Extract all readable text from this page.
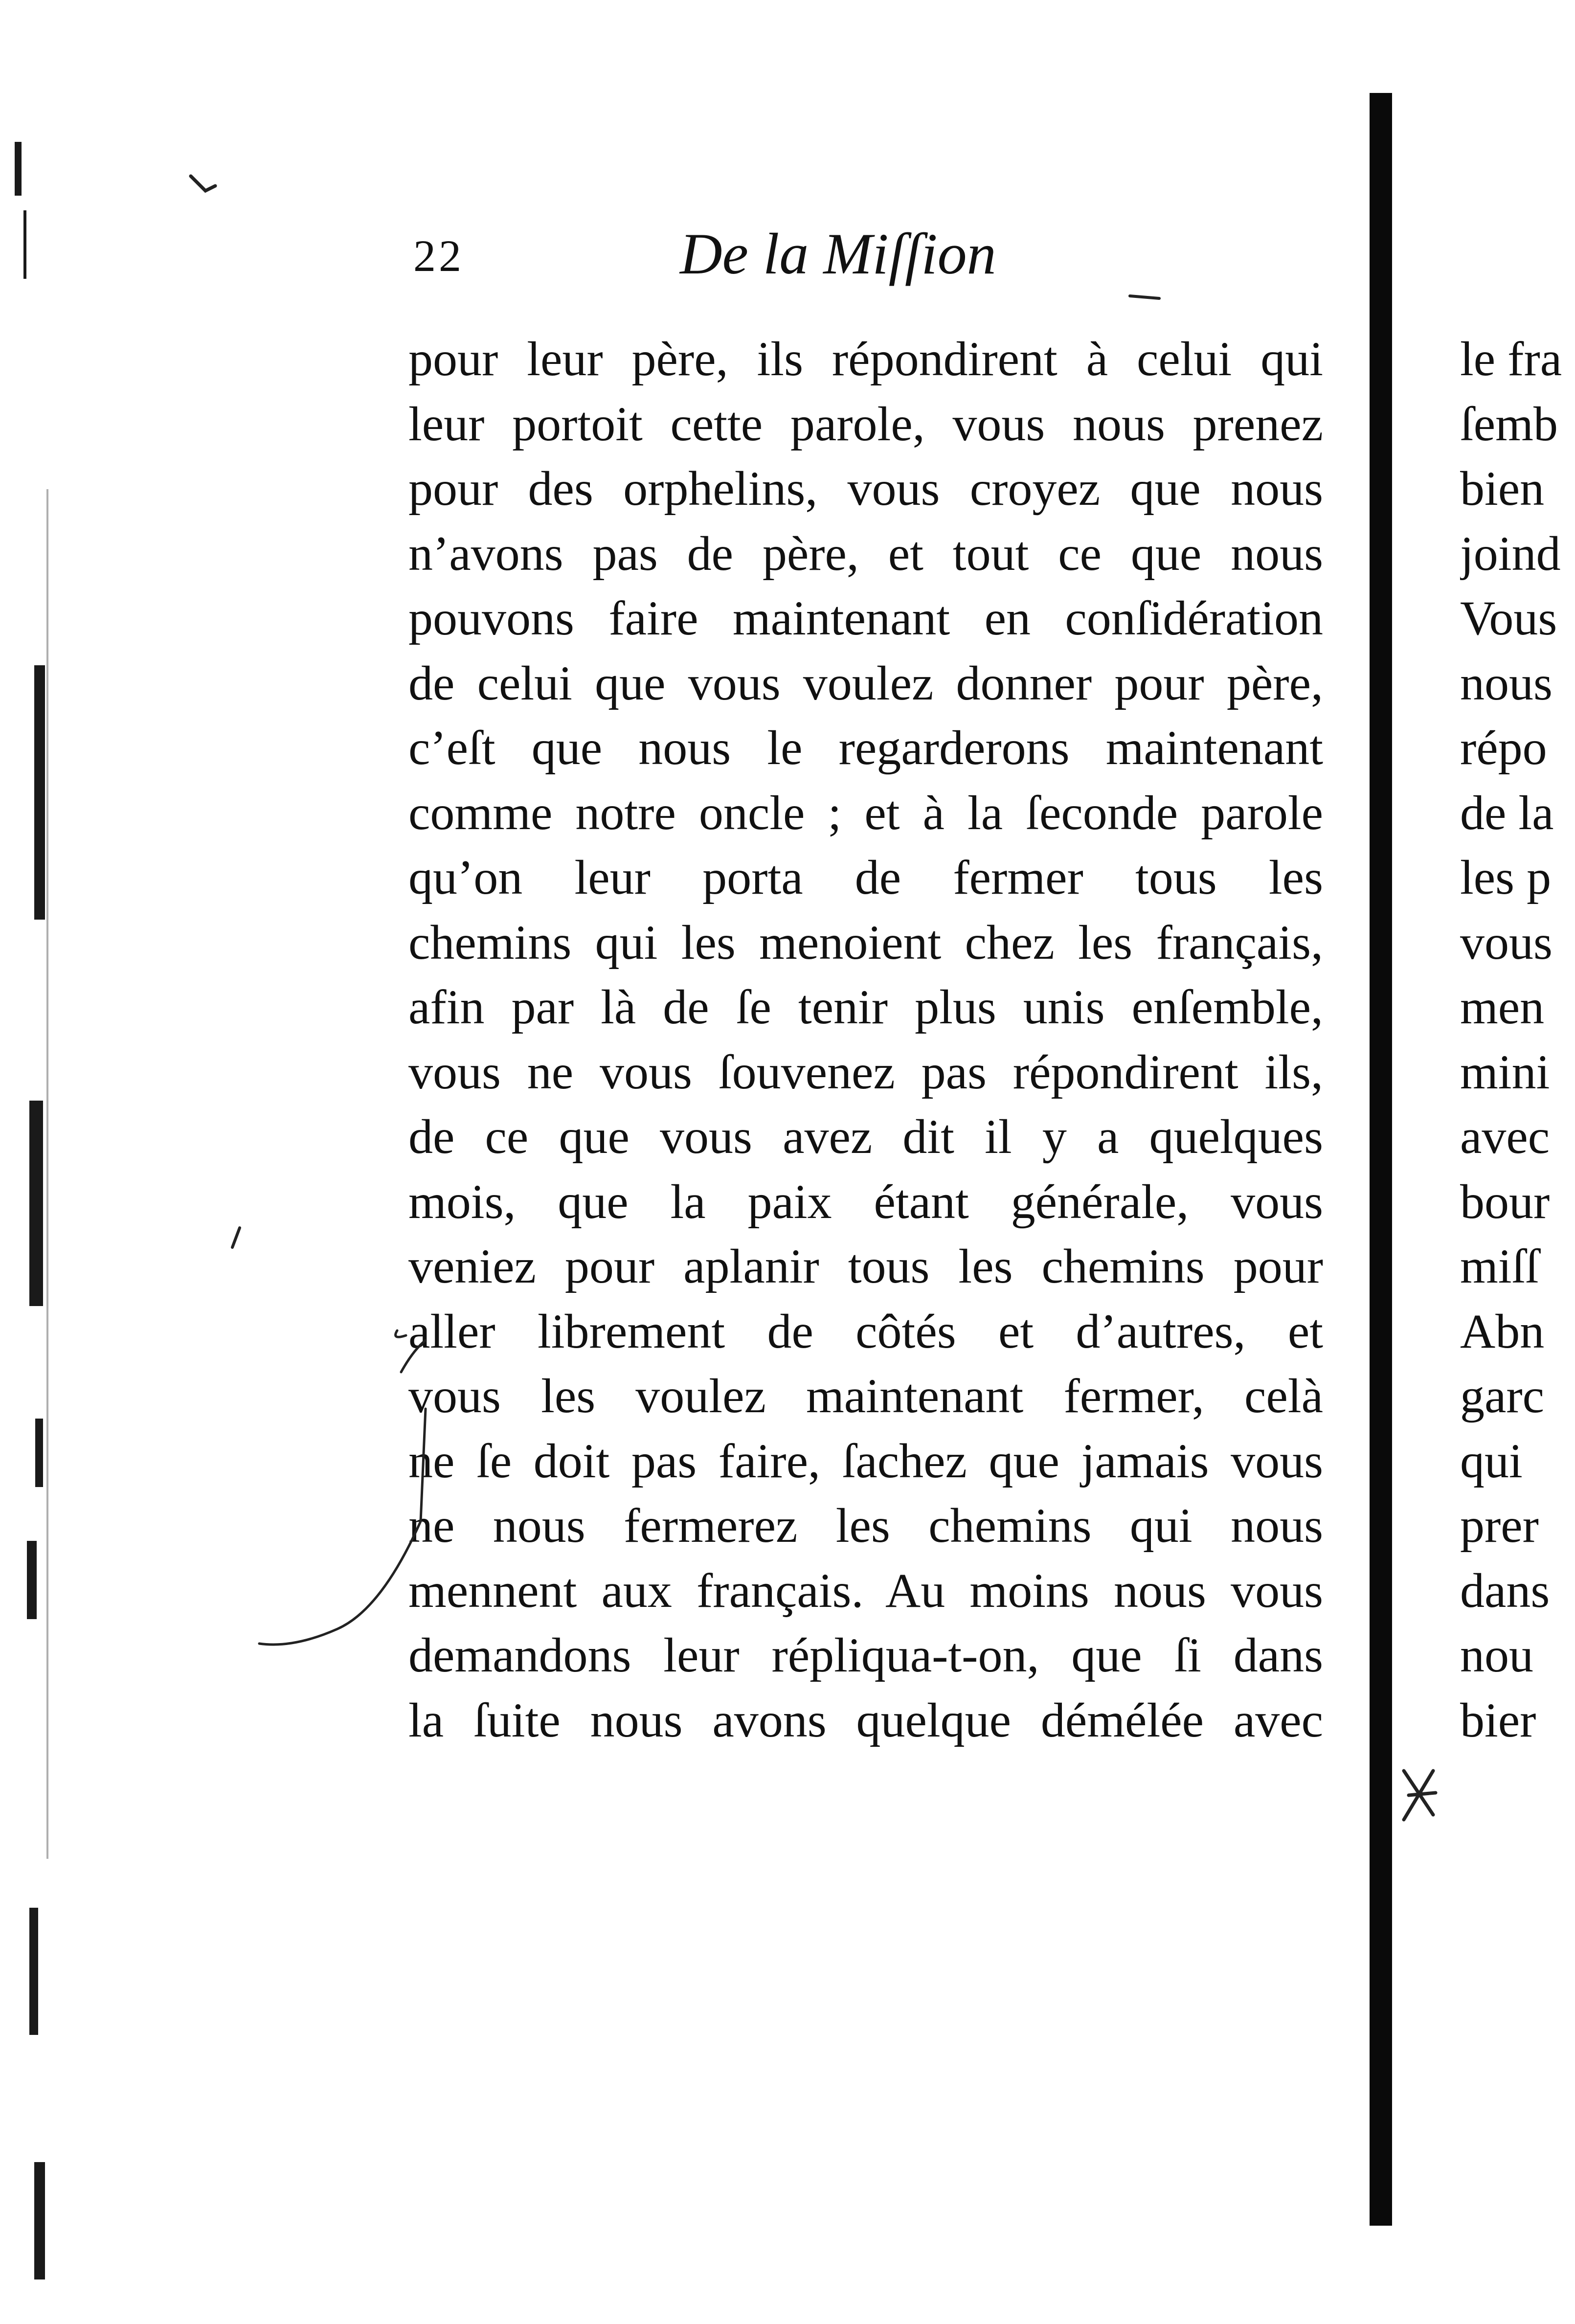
22	De la Miſſion
pour leur père, ils répondirent à celui qui
leur portoit cette parole, vous nous prenez
pour des orphelins, vous croyez que nous
n’avons pas de père, et tout ce que nous
pouvons faire maintenant en conſidération
de celui que vous voulez donner pour père,
c’eſt que nous le regarderons maintenant
comme notre oncle ; et à la ſeconde parole
qu’on leur porta de fermer tous les
chemins qui les menoient chez les français,
afin par là de ſe tenir plus unis enſemble,
vous ne vous ſouvenez pas répondirent ils,
de ce que vous avez dit il y a quelques
mois, que la paix étant générale, vous
veniez pour aplanir tous les chemins pour
aller librement de côtés et d’autres, et
vous les voulez maintenant fermer, celà
ne ſe doit pas faire, ſachez que jamais vous
ne nous fermerez les chemins qui nous
mennent aux français. Au moins nous vous
demandons leur répliqua-t-on, que ſi dans
la ſuite nous avons quelque démélée avec
le fra
ſemb
bien
joind
Vous
nous
répo
de la
les p
vous
men
mini
avec
bour
miſſ
Abn
garc
qui
prer
dans
nou
bier
